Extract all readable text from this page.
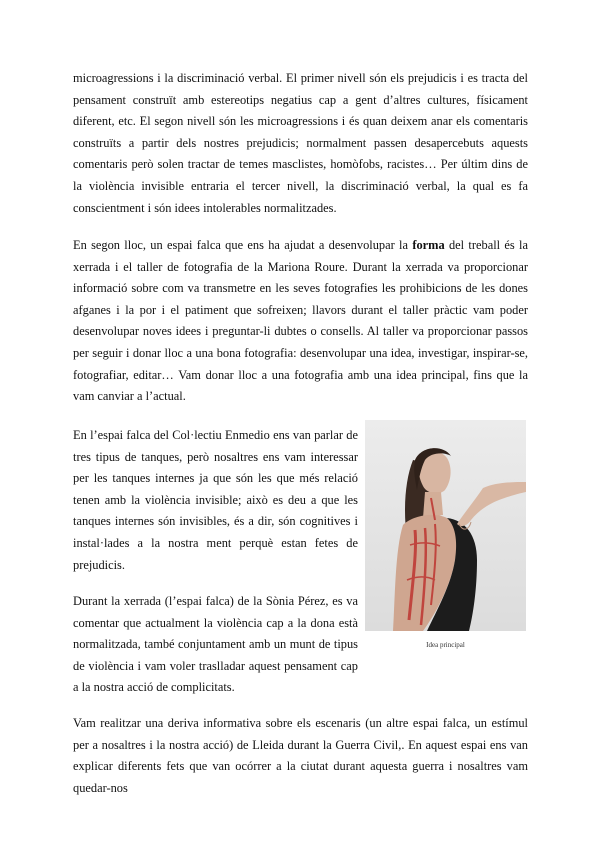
microagressions i la discriminació verbal. El primer nivell són els prejudicis i es tracta del pensament construït amb estereotips negatius cap a gent d’altres cultures, físicament diferent, etc. El segon nivell són les microagressions i és quan deixem anar els comentaris construïts a partir dels nostres prejudicis; normalment passen desapercebuts aquests comentaris però solen tractar de temes masclistes, homòfobs, racistes… Per últim dins de la violència invisible entraria el tercer nivell, la discriminació verbal, la qual es fa conscientment i són idees intolerables normalitzades.

En segon lloc, un espai falca que ens ha ajudat a desenvolupar la forma del treball és la xerrada i el taller de fotografia de la Mariona Roure. Durant la xerrada va proporcionar informació sobre com va transmetre en les seves fotografies les prohibicions de les dones afganes i la por i el patiment que sofreixen; llavors durant el taller pràctic vam poder desenvolupar noves idees i preguntar-li dubtes o consells. Al taller va proporcionar passos per seguir i donar lloc a una bona fotografia: desenvolupar una idea, investigar, inspirar-se, fotografiar, editar… Vam donar lloc a una fotografia amb una idea principal, fins que la vam canviar a l’actual.

En l’espai falca del Col·lectiu Enmedio ens van parlar de tres tipus de tanques, però nosaltres ens vam interessar per les tanques internes ja que són les que més relació tenen amb la violència invisible; això es deu a que les tanques internes són invisibles, és a dir, són cognitives i instal·lades a la nostra ment perquè estan fetes de prejudicis.

Durant la xerrada (l’espai falca) de la Sònia Pérez, es va comentar que actualment la violència cap a la dona està normalitzada, també conjuntament amb un munt de tipus de violència i vam voler traslladar aquest pensament cap a la nostra acció de complicitats.

Idea principal

Vam realitzar una deriva informativa sobre els escenaris (un altre espai falca, un estímul per a nosaltres i la nostra acció) de Lleida durant la Guerra Civil,. En aquest espai ens van explicar diferents fets que van ocórrer a la ciutat durant aquesta guerra i nosaltres vam quedar-nos
